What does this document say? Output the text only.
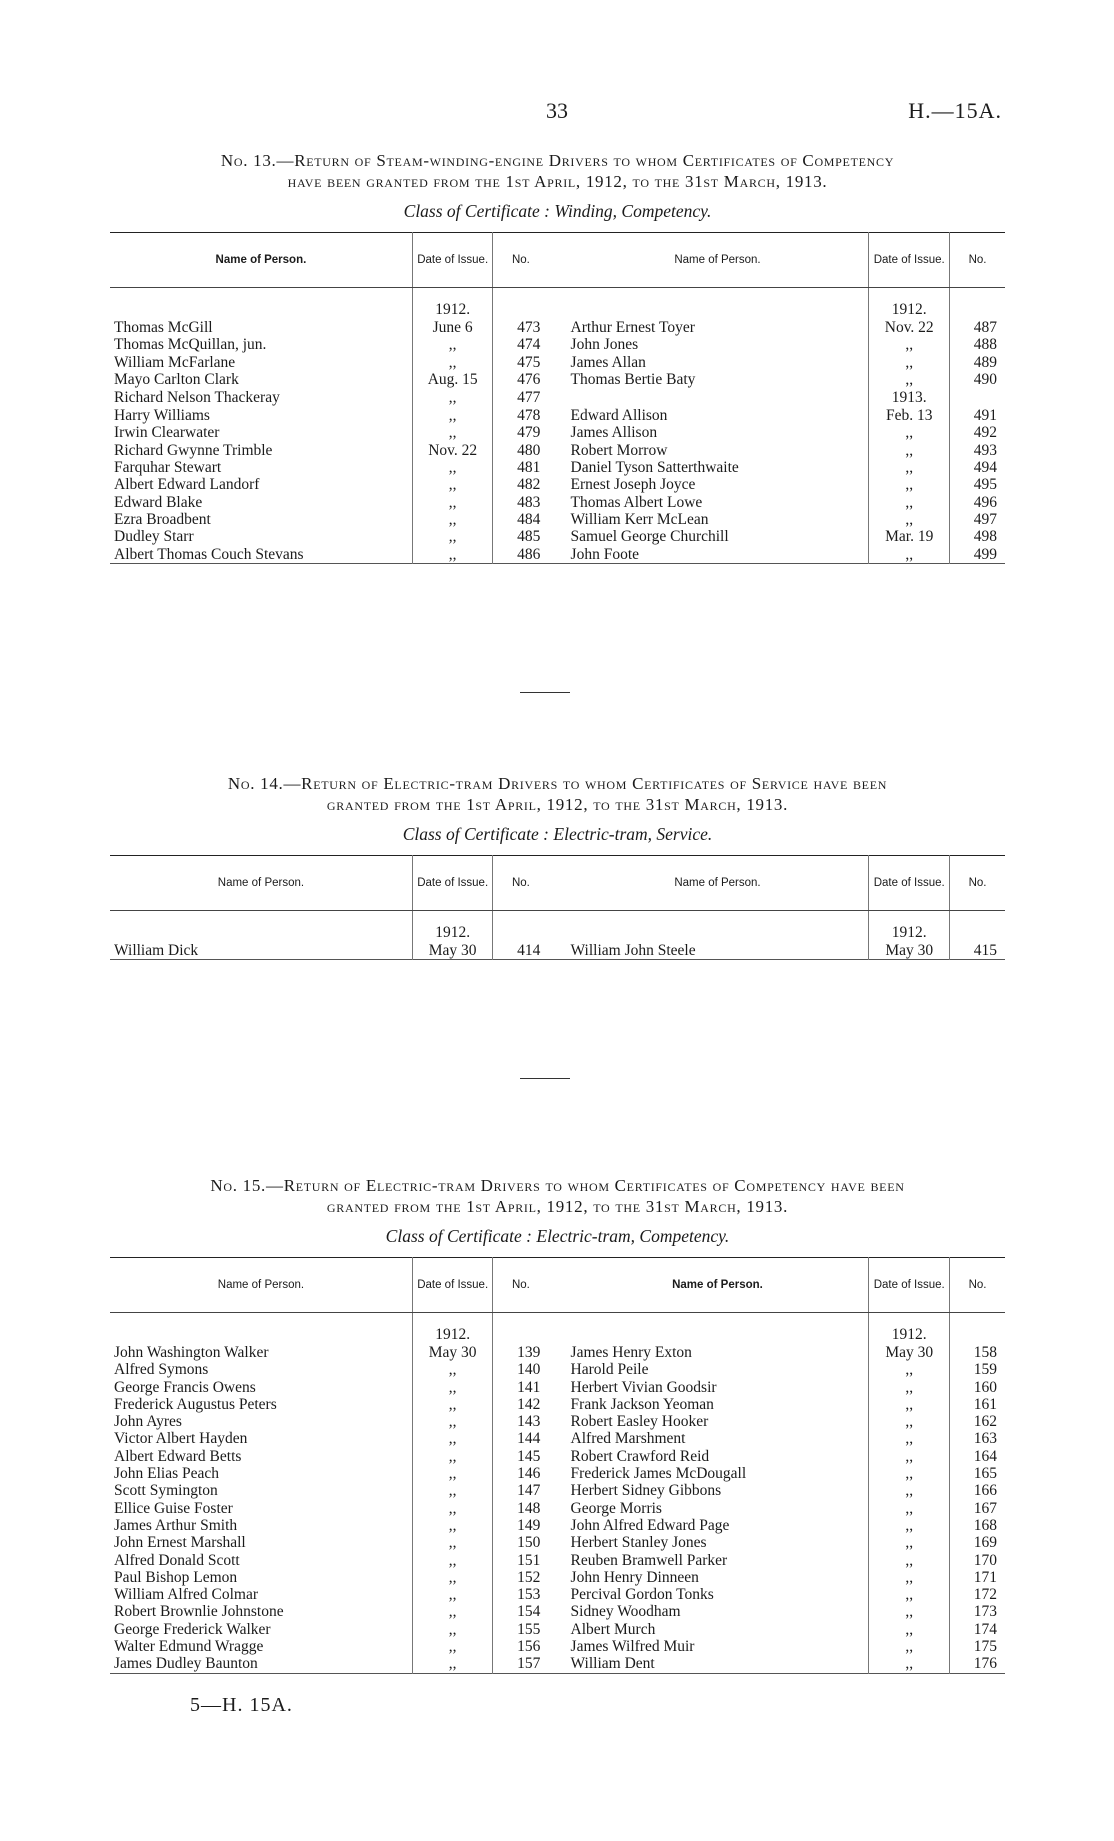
33	H.—15A.

No. 13.—Return of Steam-winding-engine Drivers to whom Certificates of Competency

have been granted from the 1st April, 1912, to the 31st March, 1913.

Class of Certificate : Winding, Competency.
Name of Person.	Date of Issue.	No.		Name of Person.	Date of Issue.	No.

	1912.				1912.	
Thomas McGill	June 6	473		Arthur Ernest Toyer	Nov. 22	487
Thomas McQuillan, jun.	,,	474		John Jones	,,	488
William McFarlane	,,	475		James Allan	,,	489
Mayo Carlton Clark	Aug. 15	476		Thomas Bertie Baty	,,	490
Richard Nelson Thackeray	,,	477			1913.	
Harry Williams	,,	478		Edward Allison	Feb. 13	491
Irwin Clearwater	,,	479		James Allison	,,	492
Richard Gwynne Trimble	Nov. 22	480		Robert Morrow	,,	493
Farquhar Stewart	,,	481		Daniel Tyson Satterthwaite	,,	494
Albert Edward Landorf	,,	482		Ernest Joseph Joyce	,,	495
Edward Blake	,,	483		Thomas Albert Lowe	,,	496
Ezra Broadbent	,,	484		William Kerr McLean	,,	497
Dudley Starr	,,	485		Samuel George Churchill	Mar. 19	498
Albert Thomas Couch Stevans	,,	486		John Foote	,,	499

No. 14.—Return of Electric-tram Drivers to whom Certificates of Service have been

granted from the 1st April, 1912, to the 31st March, 1913.

Class of Certificate : Electric-tram, Service.
Name of Person.	Date of Issue.	No.		Name of Person.	Date of Issue.	No.

	1912.				1912.	
William Dick	May 30	414		William John Steele	May 30	415

No. 15.—Return of Electric-tram Drivers to whom Certificates of Competency have been

granted from the 1st April, 1912, to the 31st March, 1913.

Class of Certificate : Electric-tram, Competency.
Name of Person.	Date of Issue.	No.		Name of Person.	Date of Issue.	No.

	1912.				1912.	
John Washington Walker	May 30	139		James Henry Exton	May 30	158
Alfred Symons	,,	140		Harold Peile	,,	159
George Francis Owens	,,	141		Herbert Vivian Goodsir	,,	160
Frederick Augustus Peters	,,	142		Frank Jackson Yeoman	,,	161
John Ayres	,,	143		Robert Easley Hooker	,,	162
Victor Albert Hayden	,,	144		Alfred Marshment	,,	163
Albert Edward Betts	,,	145		Robert Crawford Reid	,,	164
John Elias Peach	,,	146		Frederick James McDougall	,,	165
Scott Symington	,,	147		Herbert Sidney Gibbons	,,	166
Ellice Guise Foster	,,	148		George Morris	,,	167
James Arthur Smith	,,	149		John Alfred Edward Page	,,	168
John Ernest Marshall	,,	150		Herbert Stanley Jones	,,	169
Alfred Donald Scott	,,	151		Reuben Bramwell Parker	,,	170
Paul Bishop Lemon	,,	152		John Henry Dinneen	,,	171
William Alfred Colmar	,,	153		Percival Gordon Tonks	,,	172
Robert Brownlie Johnstone	,,	154		Sidney Woodham	,,	173
George Frederick Walker	,,	155		Albert Murch	,,	174
Walter Edmund Wragge	,,	156		James Wilfred Muir	,,	175
James Dudley Baunton	,,	157		William Dent	,,	176
5—H. 15A.
